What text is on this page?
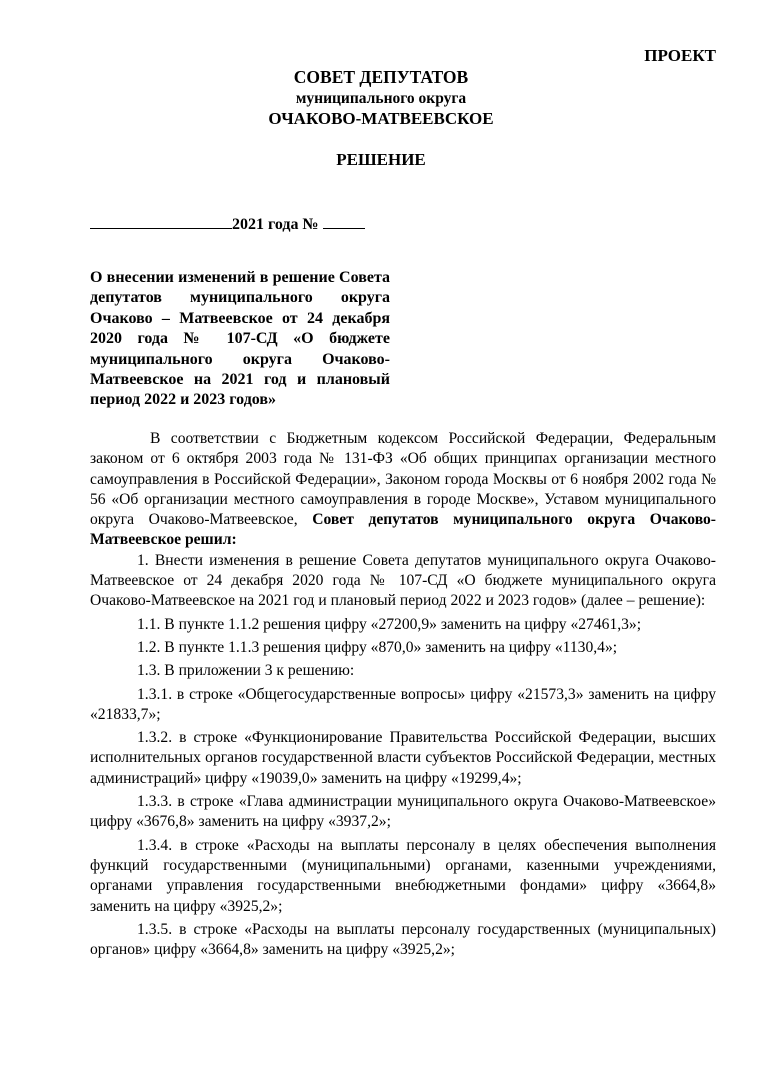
ПРОЕКТ
СОВЕТ ДЕПУТАТОВ
муниципального округа
ОЧАКОВО-МАТВЕЕВСКОЕ
РЕШЕНИЕ
2021 года №
О внесении изменений в решение Совета депутатов муниципального округа Очаково – Матвеевское от 24 декабря 2020 года № 107-СД «О бюджете муниципального округа Очаково-Матвеевское на 2021 год и плановый период 2022 и 2023 годов»

В соответствии с Бюджетным кодексом Российской Федерации, Федеральным законом от 6 октября 2003 года № 131-ФЗ «Об общих принципах организации местного самоуправления в Российской Федерации», Законом города Москвы от 6 ноября 2002 года № 56 «Об организации местного самоуправления в городе Москве», Уставом муниципального округа Очаково-Матвеевское, Совет депутатов муниципального округа Очаково-Матвеевское решил:

1. Внести изменения в решение Совета депутатов муниципального округа Очаково-Матвеевское от 24 декабря 2020 года № 107-СД «О бюджете муниципального округа Очаково-Матвеевское на 2021 год и плановый период 2022 и 2023 годов» (далее – решение):

1.1. В пункте 1.1.2 решения цифру «27200,9» заменить на цифру «27461,3»;

1.2. В пункте 1.1.3 решения цифру «870,0» заменить на цифру «1130,4»;

1.3. В приложении 3 к решению:

1.3.1. в строке «Общегосударственные вопросы» цифру «21573,3» заменить на цифру «21833,7»;

1.3.2. в строке «Функционирование Правительства Российской Федерации, высших исполнительных органов государственной власти субъектов Российской Федерации, местных администраций» цифру «19039,0» заменить на цифру «19299,4»;

1.3.3. в строке «Глава администрации муниципального округа Очаково-Матвеевское» цифру «3676,8» заменить на цифру «3937,2»;

1.3.4. в строке «Расходы на выплаты персоналу в целях обеспечения выполнения функций государственными (муниципальными) органами, казенными учреждениями, органами управления государственными внебюджетными фондами» цифру «3664,8» заменить на цифру «3925,2»;

1.3.5. в строке «Расходы на выплаты персоналу государственных (муниципальных) органов» цифру «3664,8» заменить на цифру «3925,2»;
